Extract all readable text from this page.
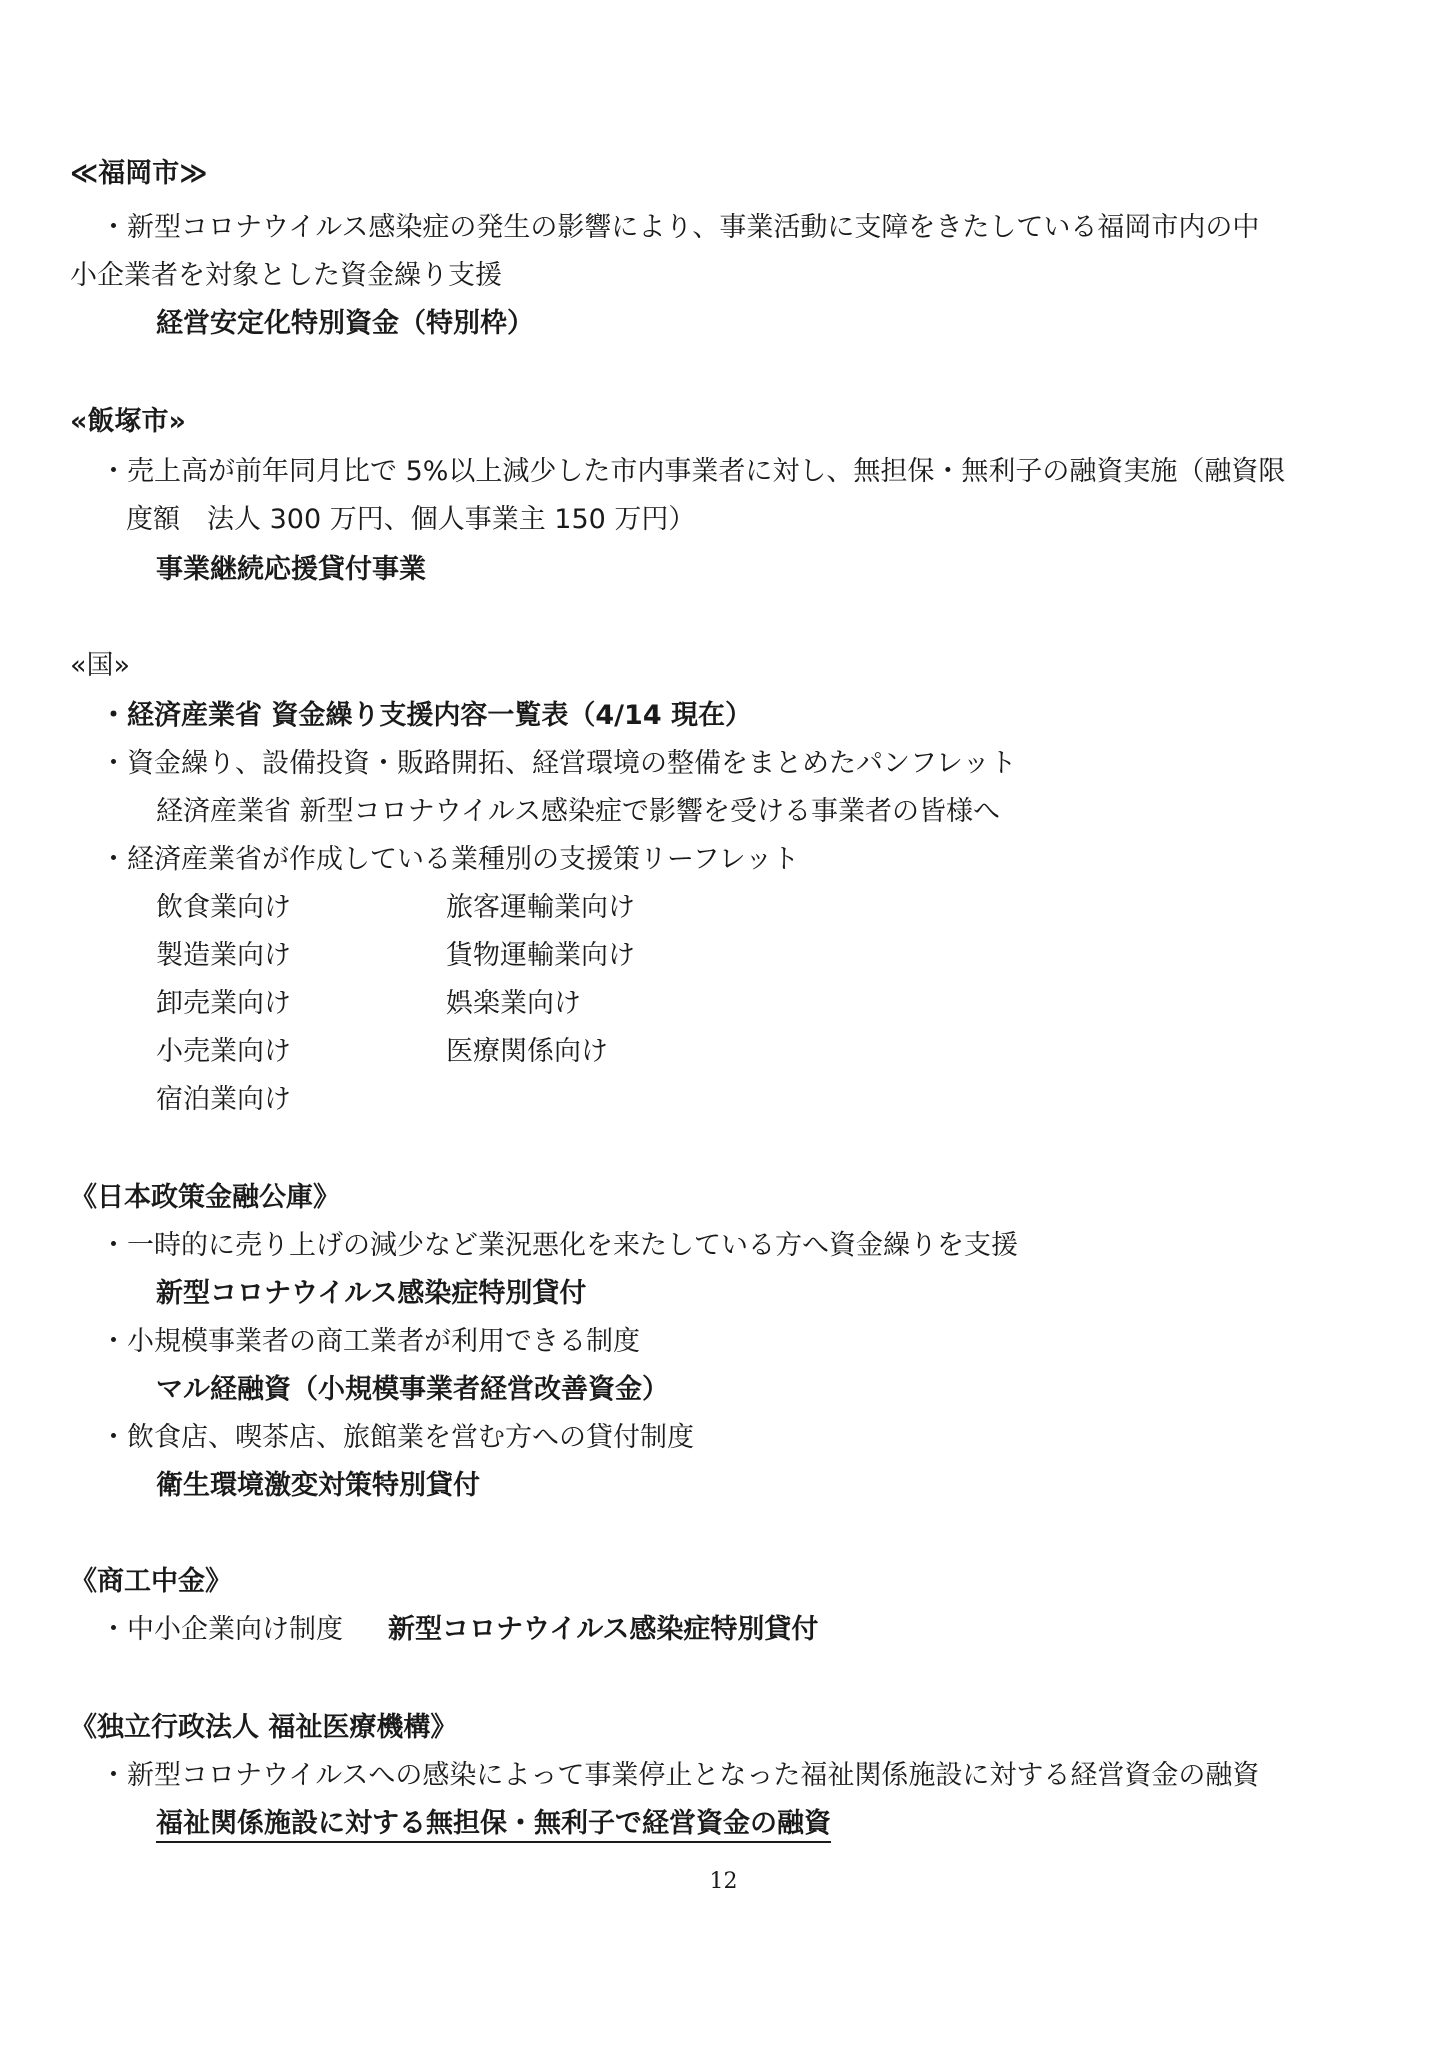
≪福岡市≫
・新型コロナウイルス感染症の発生の影響により、事業活動に支障をきたしている福岡市内の中
小企業者を対象とした資金繰り支援
経営安定化特別資金（特別枠）
«飯塚市»
・売上高が前年同月比で 5%以上減少した市内事業者に対し、無担保・無利子の融資実施（融資限
度額　法人 300 万円、個人事業主 150 万円）
事業継続応援貸付事業
«国»
・経済産業省 資金繰り支援内容一覧表（4/14 現在）
・資金繰り、設備投資・販路開拓、経営環境の整備をまとめたパンフレット
経済産業省 新型コロナウイルス感染症で影響を受ける事業者の皆様へ
・経済産業省が作成している業種別の支援策リーフレット
飲食業向け	旅客運輸業向け
製造業向け	貨物運輸業向け
卸売業向け	娯楽業向け
小売業向け	医療関係向け
宿泊業向け
《日本政策金融公庫》
・一時的に売り上げの減少など業況悪化を来たしている方へ資金繰りを支援
新型コロナウイルス感染症特別貸付
・小規模事業者の商工業者が利用できる制度
マル経融資（小規模事業者経営改善資金）
・飲食店、喫茶店、旅館業を営む方への貸付制度
衛生環境激変対策特別貸付
《商工中金》
・中小企業向け制度 新型コロナウイルス感染症特別貸付
《独立行政法人 福祉医療機構》
・新型コロナウイルスへの感染によって事業停止となった福祉関係施設に対する経営資金の融資
福祉関係施設に対する無担保・無利子で経営資金の融資
12
